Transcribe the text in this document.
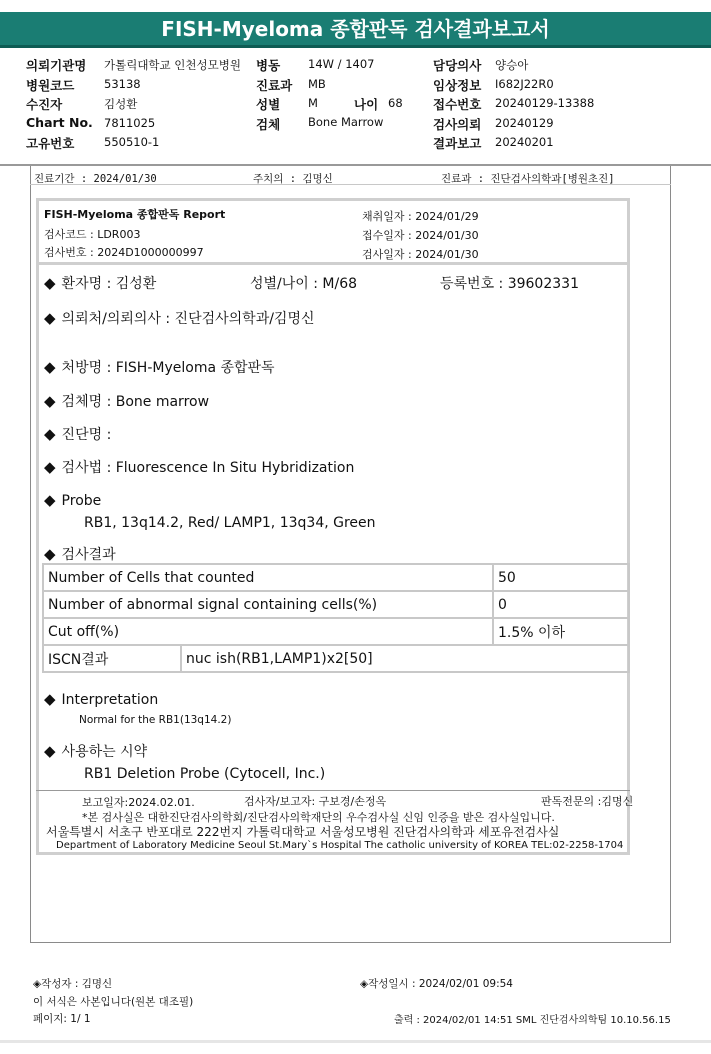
FISH-Myeloma 종합판독 검사결과보고서
의뢰기관명 가톨릭대학교 인천성모병원
병원코드	53138
수진자	김성환
Chart No. 7811025
고유번호	550510-1
병동 14W / 1407
진료과 MB
성별 M	나이 68
검체 Bone Marrow
담당의사 양승아
임상정보 I682J22R0
접수번호 20240129-13388
검사의뢰 20240129
결과보고 20240201
진료기간 : 2024/01/30	주치의 : 김명신	진료과 : 진단검사의학과[병원초진]
FISH-Myeloma 종합판독 Report
검사코드 : LDR003
검사번호 : 2024D1000000997
채취일자 : 2024/01/29
접수일자 : 2024/01/30
검사일자 : 2024/01/30
◆ 환자명 : 김성환	성별/나이 : M/68	등록번호 : 39602331
◆ 의뢰처/의뢰의사 : 진단검사의학과/김명신
◆ 처방명 : FISH-Myeloma 종합판독
◆ 검체명 : Bone marrow
◆ 진단명 :
◆ 검사법 : Fluorescence In Situ Hybridization
◆ Probe
RB1, 13q14.2, Red/ LAMP1, 13q34, Green
◆ 검사결과
Number of Cells that counted		50
Number of abnormal signal containing cells(%)		0
Cut off(%)		1.5% 이하
ISCN결과	nuc ish(RB1,LAMP1)x2[50]	
◆ Interpretation
Normal for the RB1(13q14.2)
◆ 사용하는 시약
RB1 Deletion Probe (Cytocell, Inc.)
보고일자:2024.02.01.	검사자/보고자: 구보경/손정옥	판독전문의 :김명신
*본 검사실은 대한진단검사의학회/진단검사의학재단의 우수검사실 신임 인증을 받은 검사실입니다.
서울특별시 서초구 반포대로 222번지 가톨릭대학교 서울성모병원 진단검사의학과 세포유전검사실
Department of Laboratory Medicine Seoul St.Mary`s Hospital The catholic university of KOREA TEL:02-2258-1704
◈작성자 : 김명신	◈작성일시 : 2024/02/01 09:54
이 서식은 사본입니다(원본 대조필)
페이지: 1/ 1	출력 : 2024/02/01 14:51 SML 진단검사의학팀 10.10.56.15
